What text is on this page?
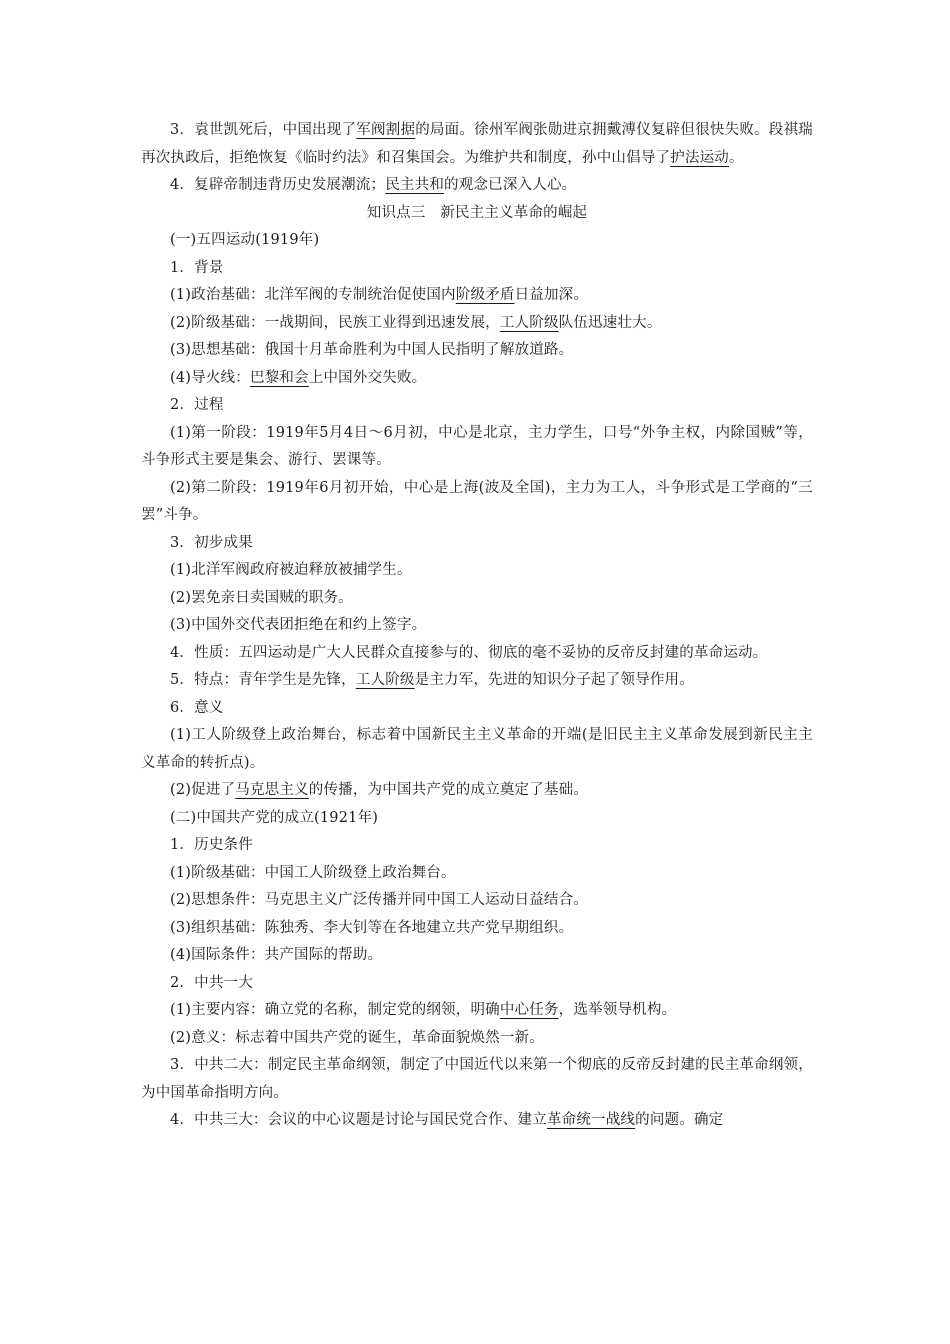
3．袁世凯死后，中国出现了军阀割据的局面。徐州军阀张勋进京拥戴溥仪复辟但很快失败。段祺瑞再次执政后，拒绝恢复《临时约法》和召集国会。为维护共和制度，孙中山倡导了护法运动。

4．复辟帝制违背历史发展潮流；民主共和的观念已深入人心。

知识点三　新民主主义革命的崛起

(一)五四运动(1919年)

1．背景

(1)政治基础：北洋军阀的专制统治促使国内阶级矛盾日益加深。

(2)阶级基础：一战期间，民族工业得到迅速发展，工人阶级队伍迅速壮大。

(3)思想基础：俄国十月革命胜利为中国人民指明了解放道路。

(4)导火线：巴黎和会上中国外交失败。

2．过程

(1)第一阶段：1919年5月4日～6月初，中心是北京，主力学生，口号“外争主权，内除国贼”等，斗争形式主要是集会、游行、罢课等。

(2)第二阶段：1919年6月初开始，中心是上海(波及全国)，主力为工人，斗争形式是工学商的“三罢”斗争。

3．初步成果

(1)北洋军阀政府被迫释放被捕学生。

(2)罢免亲日卖国贼的职务。

(3)中国外交代表团拒绝在和约上签字。

4．性质：五四运动是广大人民群众直接参与的、彻底的毫不妥协的反帝反封建的革命运动。

5．特点：青年学生是先锋，工人阶级是主力军，先进的知识分子起了领导作用。

6．意义

(1)工人阶级登上政治舞台，标志着中国新民主主义革命的开端(是旧民主主义革命发展到新民主主义革命的转折点)。

(2)促进了马克思主义的传播，为中国共产党的成立奠定了基础。

(二)中国共产党的成立(1921年)

1．历史条件

(1)阶级基础：中国工人阶级登上政治舞台。

(2)思想条件：马克思主义广泛传播并同中国工人运动日益结合。

(3)组织基础：陈独秀、李大钊等在各地建立共产党早期组织。

(4)国际条件：共产国际的帮助。

2．中共一大

(1)主要内容：确立党的名称，制定党的纲领，明确中心任务，选举领导机构。

(2)意义：标志着中国共产党的诞生，革命面貌焕然一新。

3．中共二大：制定民主革命纲领，制定了中国近代以来第一个彻底的反帝反封建的民主革命纲领，为中国革命指明方向。

4．中共三大：会议的中心议题是讨论与国民党合作、建立革命统一战线的问题。确定
